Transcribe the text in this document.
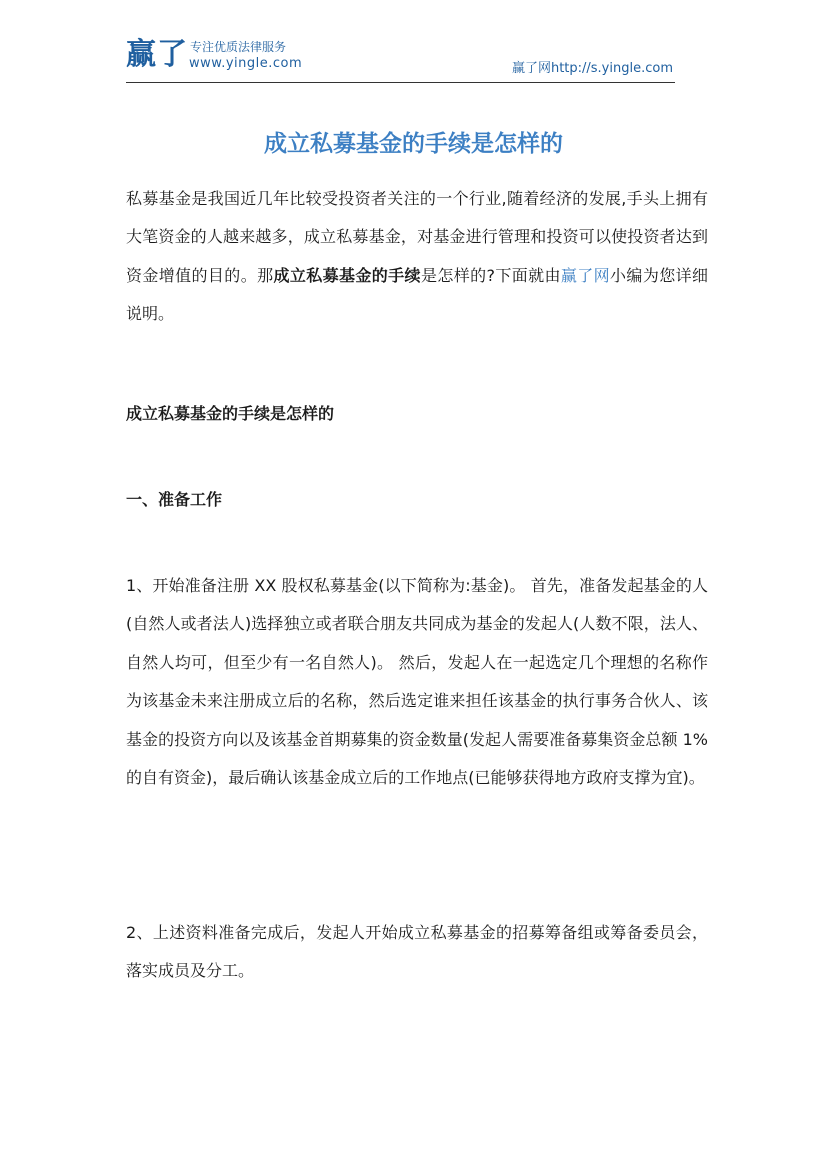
赢了 专注优质法律服务
www.yingle.com	赢了网http://s.yingle.com
成立私募基金的手续是怎样的

私募基金是我国近几年比较受投资者关注的一个行业,随着经济的发展,手头上拥有大笔资金的人越来越多，成立私募基金，对基金进行管理和投资可以使投资者达到资金增值的目的。那成立私募基金的手续是怎样的?下面就由赢了网小编为您详细说明。

成立私募基金的手续是怎样的
一、准备工作

1、开始准备注册 XX 股权私募基金(以下简称为:基金)。 首先，准备发起基金的人(自然人或者法人)选择独立或者联合朋友共同成为基金的发起人(人数不限，法人、自然人均可，但至少有一名自然人)。 然后，发起人在一起选定几个理想的名称作为该基金未来注册成立后的名称，然后选定谁来担任该基金的执行事务合伙人、该基金的投资方向以及该基金首期募集的资金数量(发起人需要准备募集资金总额 1%的自有资金)，最后确认该基金成立后的工作地点(已能够获得地方政府支撑为宜)。

2、上述资料准备完成后，发起人开始成立私募基金的招募筹备组或筹备委员会，落实成员及分工。
